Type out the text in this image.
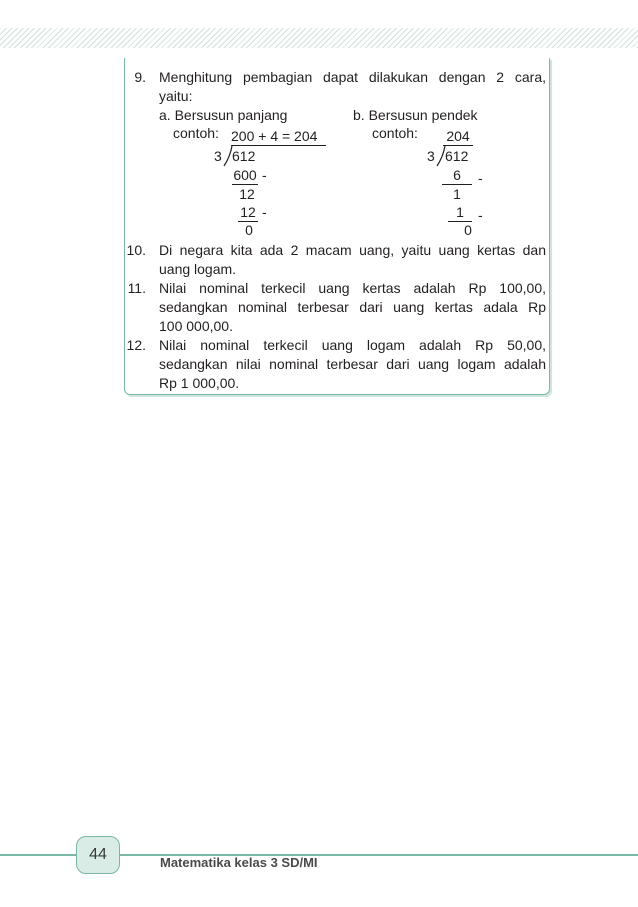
9. Menghitung pembagian dapat dilakukan dengan 2 cara,
yaitu:
a. Bersusun panjang
contoh: 200 + 4 = 204
3 612
600 -
12
12 -
0
b. Bersusun pendek
contoh: 204
3 612
6	-
1
1	-
0
10. Di negara kita ada 2 macam uang, yaitu uang kertas dan
uang logam.
11. Nilai nominal terkecil uang kertas adalah Rp 100,00,
sedangkan nominal terbesar dari uang kertas adala Rp
100 000,00.
12. Nilai nominal terkecil uang logam adalah Rp 50,00,
sedangkan nilai nominal terbesar dari uang logam adalah
Rp 1 000,00.
44	Matematika kelas 3 SD/MI
